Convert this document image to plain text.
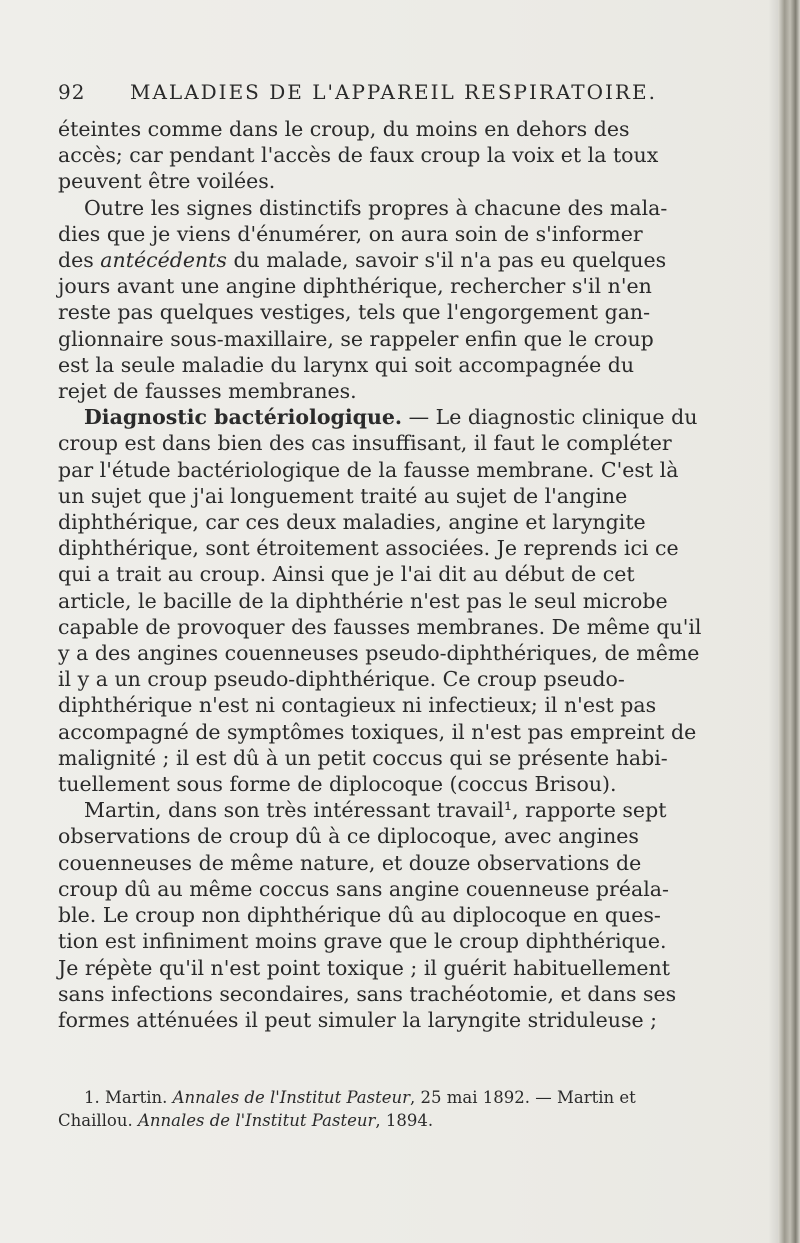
92 MALADIES DE L'APPAREIL RESPIRATOIRE.
éteintes comme dans le croup, du moins en dehors des
accès; car pendant l'accès de faux croup la voix et la toux
peuvent être voilées.
Outre les signes distinctifs propres à chacune des mala-
dies que je viens d'énumérer, on aura soin de s'informer
des antécédents du malade, savoir s'il n'a pas eu quelques
jours avant une angine diphthérique, rechercher s'il n'en
reste pas quelques vestiges, tels que l'engorgement gan-
glionnaire sous-maxillaire, se rappeler enfin que le croup
est la seule maladie du larynx qui soit accompagnée du
rejet de fausses membranes.
Diagnostic bactériologique. — Le diagnostic clinique du
croup est dans bien des cas insuffisant, il faut le compléter
par l'étude bactériologique de la fausse membrane. C'est là
un sujet que j'ai longuement traité au sujet de l'angine
diphthérique, car ces deux maladies, angine et laryngite
diphthérique, sont étroitement associées. Je reprends ici ce
qui a trait au croup. Ainsi que je l'ai dit au début de cet
article, le bacille de la diphthérie n'est pas le seul microbe
capable de provoquer des fausses membranes. De même qu'il
y a des angines couenneuses pseudo-diphthériques, de même
il y a un croup pseudo-diphthérique. Ce croup pseudo-
diphthérique n'est ni contagieux ni infectieux; il n'est pas
accompagné de symptômes toxiques, il n'est pas empreint de
malignité ; il est dû à un petit coccus qui se présente habi-
tuellement sous forme de diplocoque (coccus Brisou).
Martin, dans son très intéressant travail¹, rapporte sept
observations de croup dû à ce diplocoque, avec angines
couenneuses de même nature, et douze observations de
croup dû au même coccus sans angine couenneuse préala-
ble. Le croup non diphthérique dû au diplocoque en ques-
tion est infiniment moins grave que le croup diphthérique.
Je répète qu'il n'est point toxique ; il guérit habituellement
sans infections secondaires, sans trachéotomie, et dans ses
formes atténuées il peut simuler la laryngite striduleuse ;
1. Martin. Annales de l'Institut Pasteur, 25 mai 1892. — Martin et
Chaillou. Annales de l'Institut Pasteur, 1894.
